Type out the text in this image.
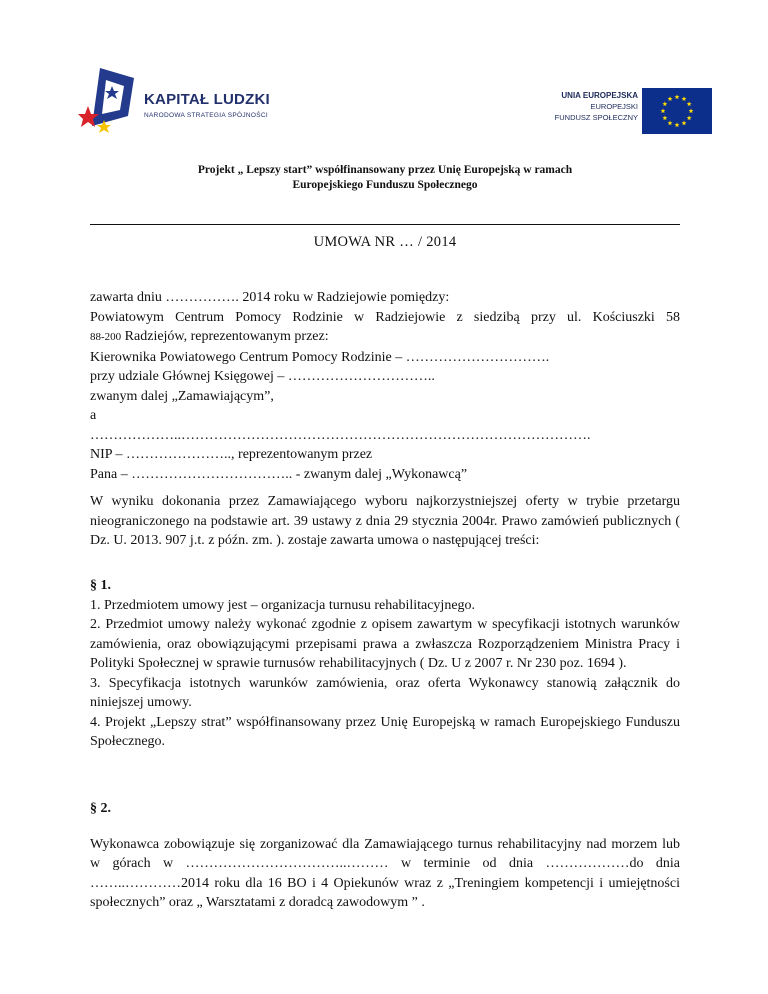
KAPITAŁ LUDZKI
NARODOWA STRATEGIA SPÓJNOŚCI
UNIA EUROPEJSKA
EUROPEJSKI
FUNDUSZ SPOŁECZNY
Projekt „ Lepszy start” współfinansowany przez Unię Europejską w ramach
Europejskiego Funduszu Społecznego
UMOWA NR … / 2014
zawarta dniu ……………. 2014 roku w Radziejowie pomiędzy:
Powiatowym Centrum Pomocy Rodzinie w Radziejowie z siedzibą przy ul. Kościuszki 58
88-200 Radziejów, reprezentowanym przez:
Kierownika Powiatowego Centrum Pomocy Rodzinie – ………………………….
przy udziale Głównej Księgowej – …………………………..
zwanym dalej „Zamawiającym”,
a
………………..…………………………………………………………………………….
NIP – ………………….., reprezentowanym przez
Pana – …………………………….. - zwanym dalej „Wykonawcą”
W wyniku dokonania przez Zamawiającego wyboru najkorzystniejszej oferty w trybie przetargu nieograniczonego na podstawie art. 39 ustawy z dnia 29 stycznia 2004r. Prawo zamówień publicznych ( Dz. U. 2013. 907 j.t. z późn. zm. ). zostaje zawarta umowa o następującej treści:
§ 1.
1. Przedmiotem umowy jest – organizacja turnusu rehabilitacyjnego.
2. Przedmiot umowy należy wykonać zgodnie z opisem zawartym w specyfikacji istotnych warunków zamówienia, oraz obowiązującymi przepisami prawa a zwłaszcza Rozporządzeniem Ministra Pracy i Polityki Społecznej w sprawie turnusów rehabilitacyjnych ( Dz. U z 2007 r. Nr 230 poz. 1694 ).
3. Specyfikacja istotnych warunków zamówienia, oraz oferta Wykonawcy stanowią załącznik do niniejszej umowy.
4. Projekt „Lepszy strat” współfinansowany przez Unię Europejską w ramach Europejskiego Funduszu Społecznego.
§ 2.
Wykonawca zobowiązuje się zorganizować dla Zamawiającego turnus rehabilitacyjny nad morzem lub w górach w ……………………………..……… w terminie od dnia ………………do dnia ……..…………2014 roku dla 16 BO i 4 Opiekunów wraz z „Treningiem kompetencji i umiejętności społecznych” oraz „ Warsztatami z doradcą zawodowym ” .
